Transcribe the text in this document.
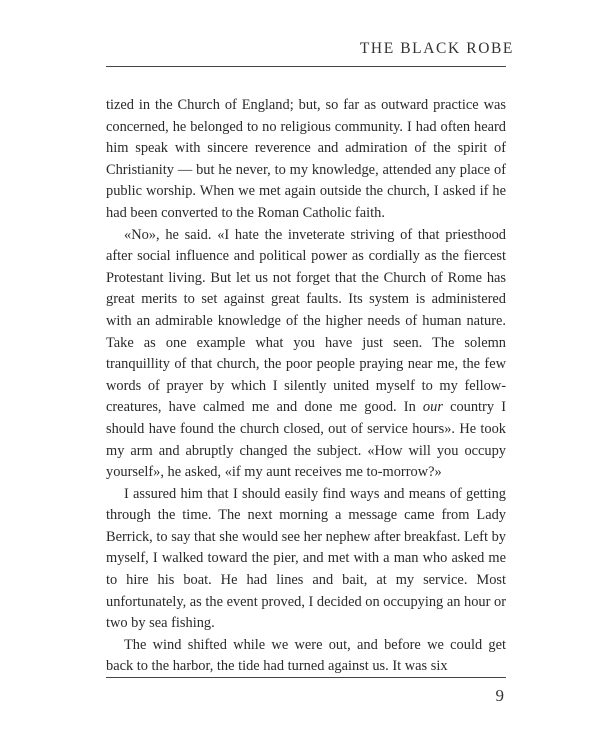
THE BLACK ROBE

tized in the Church of England; but, so far as outward practice was concerned, he belonged to no religious community. I had often heard him speak with sincere reverence and admiration of the spirit of Christianity — but he never, to my knowledge, attended any place of public worship. When we met again outside the church, I asked if he had been converted to the Roman Catholic faith.

«No», he said. «I hate the inveterate striving of that priesthood after social influence and political power as cordially as the fiercest Protestant living. But let us not forget that the Church of Rome has great merits to set against great faults. Its system is administered with an admirable knowledge of the higher needs of human nature. Take as one example what you have just seen. The solemn tranquillity of that church, the poor people praying near me, the few words of prayer by which I silently united myself to my fellow-creatures, have calmed me and done me good. In our country I should have found the church closed, out of service hours». He took my arm and abruptly changed the subject. «How will you occupy yourself», he asked, «if my aunt receives me to-morrow?»

I assured him that I should easily find ways and means of getting through the time. The next morning a message came from Lady Berrick, to say that she would see her nephew after breakfast. Left by myself, I walked toward the pier, and met with a man who asked me to hire his boat. He had lines and bait, at my service. Most unfortunately, as the event proved, I decided on occupying an hour or two by sea fishing.

The wind shifted while we were out, and before we could get back to the harbor, the tide had turned against us. It was six

9
